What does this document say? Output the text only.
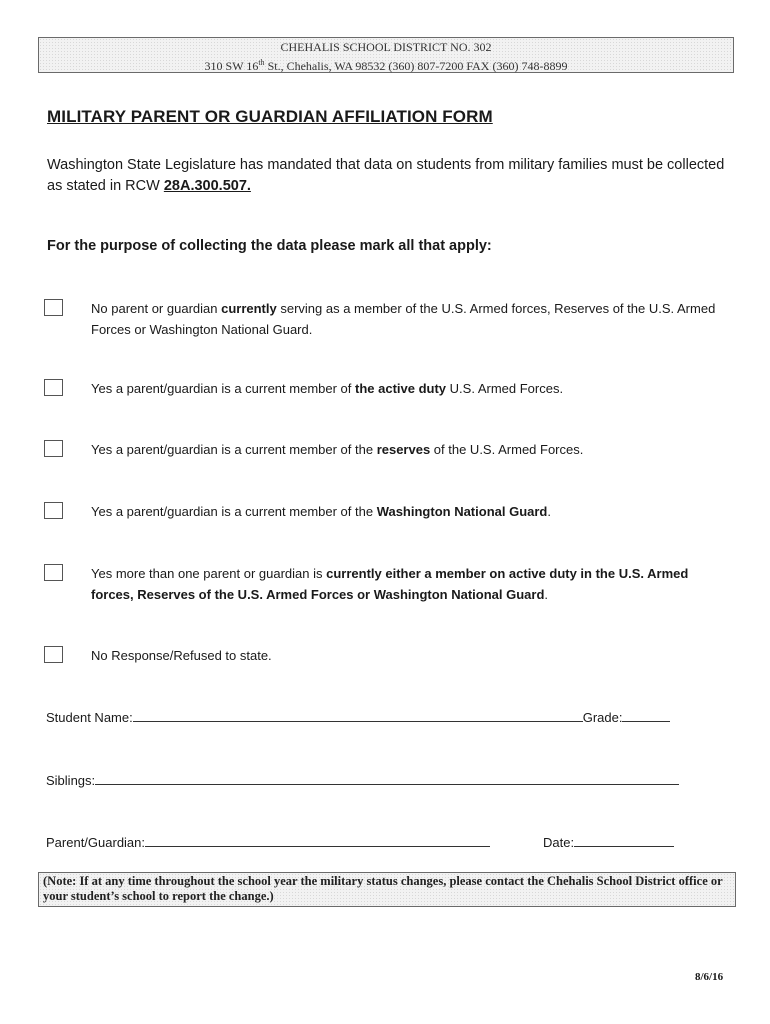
CHEHALIS SCHOOL DISTRICT NO. 302
310 SW 16th St., Chehalis, WA 98532 (360) 807-7200 FAX (360) 748-8899
MILITARY PARENT OR GUARDIAN AFFILIATION FORM
Washington State Legislature has mandated that data on students from military families must be collected as stated in RCW 28A.300.507.
For the purpose of collecting the data please mark all that apply:
No parent or guardian currently serving as a member of the U.S. Armed forces, Reserves of the U.S. Armed Forces or Washington National Guard.
Yes a parent/guardian is a current member of the active duty U.S. Armed Forces.
Yes a parent/guardian is a current member of the reserves of the U.S. Armed Forces.
Yes a parent/guardian is a current member of the Washington National Guard.
Yes more than one parent or guardian is currently either a member on active duty in the U.S. Armed forces, Reserves of the U.S. Armed Forces or Washington National Guard.
No Response/Refused to state.
Student Name:	Grade:
Siblings:
Parent/Guardian:	Date:
(Note: If at any time throughout the school year the military status changes, please contact the Chehalis School District office or your student’s school to report the change.)
8/6/16
